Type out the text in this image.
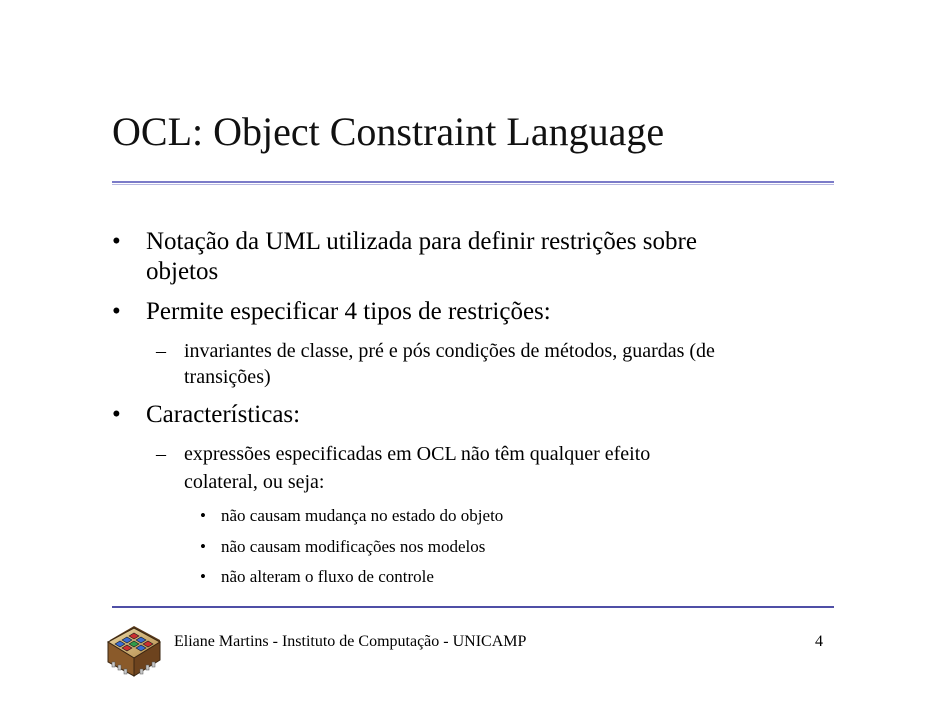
OCL: Object Constraint Language
• Notação da UML utilizada para definir restrições sobre
objetos
• Permite especificar 4 tipos de restrições:
– invariantes de classe, pré e pós condições de métodos, guardas (de
transições)
• Características:
– expressões especificadas em OCL não têm qualquer efeito
colateral, ou seja:
• não causam mudança no estado do objeto
• não causam modificações nos modelos
• não alteram o fluxo de controle
Eliane Martins - Instituto de Computação - UNICAMP	4
